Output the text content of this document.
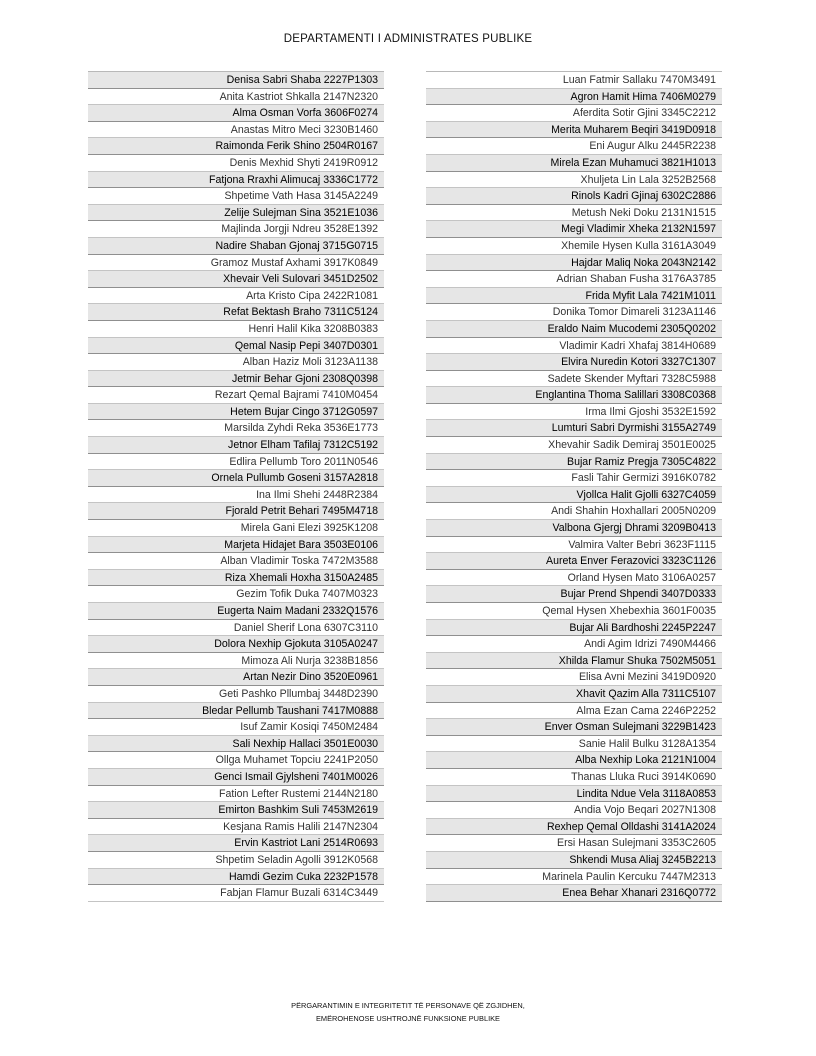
DEPARTAMENTI I ADMINISTRATES PUBLIKE
Denisa Sabri Shaba 2227P1303
Anita Kastriot Shkalla 2147N2320
Alma Osman Vorfa 3606F0274
Anastas Mitro Meci 3230B1460
Raimonda Ferik Shino 2504R0167
Denis Mexhid Shyti 2419R0912
Fatjona Rraxhi Alimucaj 3336C1772
Shpetime Vath Hasa 3145A2249
Zelije Sulejman Sina 3521E1036
Majlinda Jorgji Ndreu 3528E1392
Nadire Shaban Gjonaj 3715G0715
Gramoz Mustaf Axhami 3917K0849
Xhevair Veli Sulovari 3451D2502
Arta Kristo Cipa 2422R1081
Refat Bektash Braho 7311C5124
Henri Halil Kika 3208B0383
Qemal Nasip Pepi 3407D0301
Alban Haziz Moli 3123A1138
Jetmir Behar Gjoni 2308Q0398
Rezart Qemal Bajrami 7410M0454
Hetem Bujar Cingo 3712G0597
Marsilda Zyhdi Reka 3536E1773
Jetnor Elham Tafilaj 7312C5192
Edlira Pellumb Toro 2011N0546
Ornela Pullumb Goseni 3157A2818
Ina Ilmi Shehi 2448R2384
Fjorald Petrit Behari 7495M4718
Mirela Gani Elezi 3925K1208
Marjeta Hidajet Bara 3503E0106
Alban Vladimir Toska 7472M3588
Riza Xhemali Hoxha 3150A2485
Gezim Tofik Duka 7407M0323
Eugerta Naim Madani 2332Q1576
Daniel Sherif Lona 6307C3110
Dolora Nexhip Gjokuta 3105A0247
Mimoza Ali Nurja 3238B1856
Artan Nezir Dino 3520E0961
Geti Pashko Pllumbaj 3448D2390
Bledar Pellumb Taushani 7417M0888
Isuf Zamir Kosiqi 7450M2484
Sali Nexhip Hallaci 3501E0030
Ollga Muhamet Topciu 2241P2050
Genci Ismail Gjylsheni 7401M0026
Fation Lefter Rustemi 2144N2180
Emirton Bashkim Suli 7453M2619
Kesjana Ramis Halili 2147N2304
Ervin Kastriot Lani 2514R0693
Shpetim Seladin Agolli 3912K0568
Hamdi Gezim Cuka 2232P1578
Fabjan Flamur Buzali 6314C3449
Luan Fatmir Sallaku 7470M3491
Agron Hamit Hima 7406M0279
Aferdita Sotir Gjini 3345C2212
Merita Muharem Beqiri 3419D0918
Eni Augur Alku 2445R2238
Mirela Ezan Muhamuci 3821H1013
Xhuljeta Lin Lala 3252B2568
Rinols Kadri Gjinaj 6302C2886
Metush Neki Doku 2131N1515
Megi Vladimir Xheka 2132N1597
Xhemile Hysen Kulla 3161A3049
Hajdar Maliq Noka 2043N2142
Adrian Shaban Fusha 3176A3785
Frida Myfit Lala 7421M1011
Donika Tomor Dimareli 3123A1146
Eraldo Naim Mucodemi 2305Q0202
Vladimir Kadri Xhafaj 3814H0689
Elvira Nuredin Kotori 3327C1307
Sadete Skender Myftari 7328C5988
Englantina Thoma Salillari 3308C0368
Irma Ilmi Gjoshi 3532E1592
Lumturi Sabri Dyrmishi 3155A2749
Xhevahir Sadik Demiraj 3501E0025
Bujar Ramiz Pregja 7305C4822
Fasli Tahir Germizi 3916K0782
Vjollca Halit Gjolli 6327C4059
Andi Shahin Hoxhallari 2005N0209
Valbona Gjergj Dhrami 3209B0413
Valmira Valter Bebri 3623F1115
Aureta Enver Ferazovici 3323C1126
Orland Hysen Mato 3106A0257
Bujar Prend Shpendi 3407D0333
Qemal Hysen Xhebexhia 3601F0035
Bujar Ali Bardhoshi 2245P2247
Andi Agim Idrizi 7490M4466
Xhilda Flamur Shuka 7502M5051
Elisa Avni Mezini 3419D0920
Xhavit Qazim Alla 7311C5107
Alma Ezan Cama 2246P2252
Enver Osman Sulejmani 3229B1423
Sanie Halil Bulku 3128A1354
Alba Nexhip Loka 2121N1004
Thanas Lluka Ruci 3914K0690
Lindita Ndue Vela 3118A0853
Andia Vojo Beqari 2027N1308
Rexhep Qemal Olldashi 3141A2024
Ersi Hasan Sulejmani 3353C2605
Shkendi Musa Aliaj 3245B2213
Marinela Paulin Kercuku 7447M2313
Enea Behar Xhanari 2316Q0772
PËRGARANTIMIN E INTEGRITETIT TË PERSONAVE QË ZGJIDHEN,
EMËROHENOSE USHTROJNË FUNKSIONE PUBLIKE
